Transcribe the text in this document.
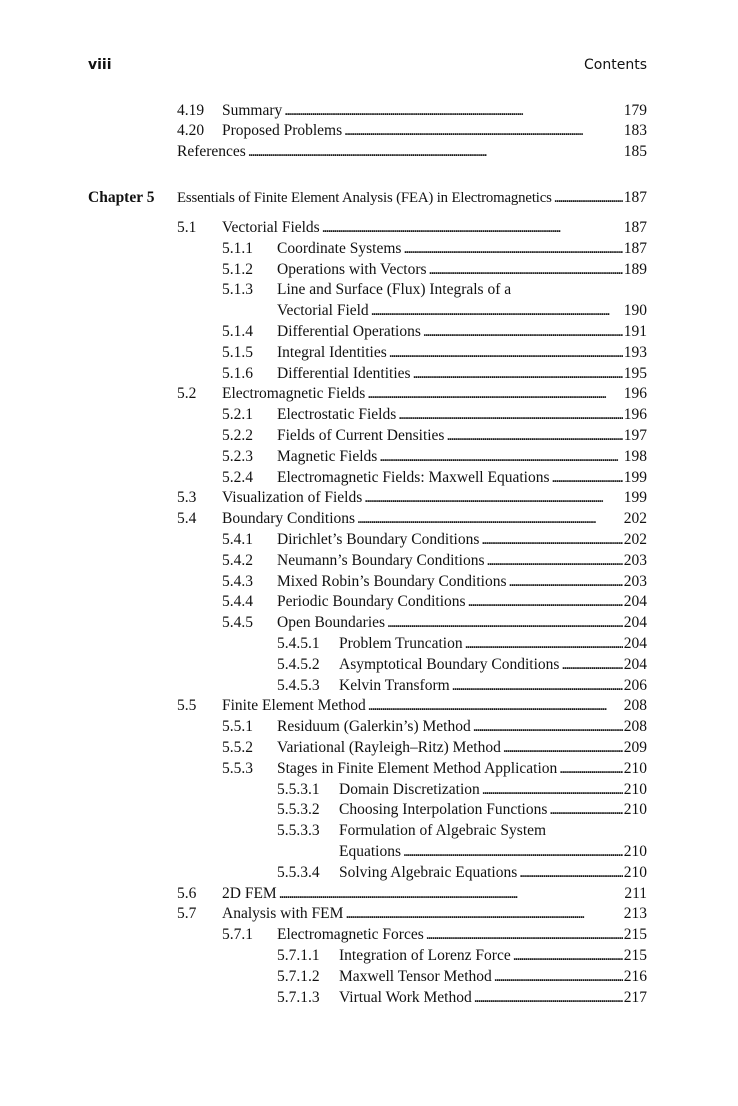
viii	Contents
4.19 Summary . . .	179
4.20 Proposed Problems . . .	183
References . . .	185
Chapter 5 Essentials of Finite Element Analysis (FEA) in Electromagnetics . . .	187
5.1 Vectorial Fields . . .	187
5.1.1 Coordinate Systems . . .	187
5.1.2 Operations with Vectors . . .	189
5.1.3 Line and Surface (Flux) Integrals of a
Vectorial Field . . .	190
5.1.4 Differential Operations . . .	191
5.1.5 Integral Identities . . .	193
5.1.6 Differential Identities . . .	195
5.2 Electromagnetic Fields . . .	196
5.2.1 Electrostatic Fields . . .	196
5.2.2 Fields of Current Densities . . .	197
5.2.3 Magnetic Fields . . .	198
5.2.4 Electromagnetic Fields: Maxwell Equations . . .	199
5.3 Visualization of Fields . . .	199
5.4 Boundary Conditions . . .	202
5.4.1 Dirichlet’s Boundary Conditions . . .	202
5.4.2 Neumann’s Boundary Conditions . . .	203
5.4.3 Mixed Robin’s Boundary Conditions . . .	203
5.4.4 Periodic Boundary Conditions . . .	204
5.4.5 Open Boundaries . . .	204
5.4.5.1 Problem Truncation . . .	204
5.4.5.2 Asymptotical Boundary Conditions . . .	204
5.4.5.3 Kelvin Transform . . .	206
5.5 Finite Element Method . . .	208
5.5.1 Residuum (Galerkin’s) Method . . .	208
5.5.2 Variational (Rayleigh–Ritz) Method . . .	209
5.5.3 Stages in Finite Element Method Application . . .	210
5.5.3.1 Domain Discretization . . .	210
5.5.3.2 Choosing Interpolation Functions . . .	210
5.5.3.3 Formulation of Algebraic System
Equations . . .	210
5.5.3.4 Solving Algebraic Equations . . .	210
5.6 2D FEM . . .	211
5.7 Analysis with FEM . . .	213
5.7.1 Electromagnetic Forces . . .	215
5.7.1.1 Integration of Lorenz Force . . .	215
5.7.1.2 Maxwell Tensor Method . . .	216
5.7.1.3 Virtual Work Method . . .	217
